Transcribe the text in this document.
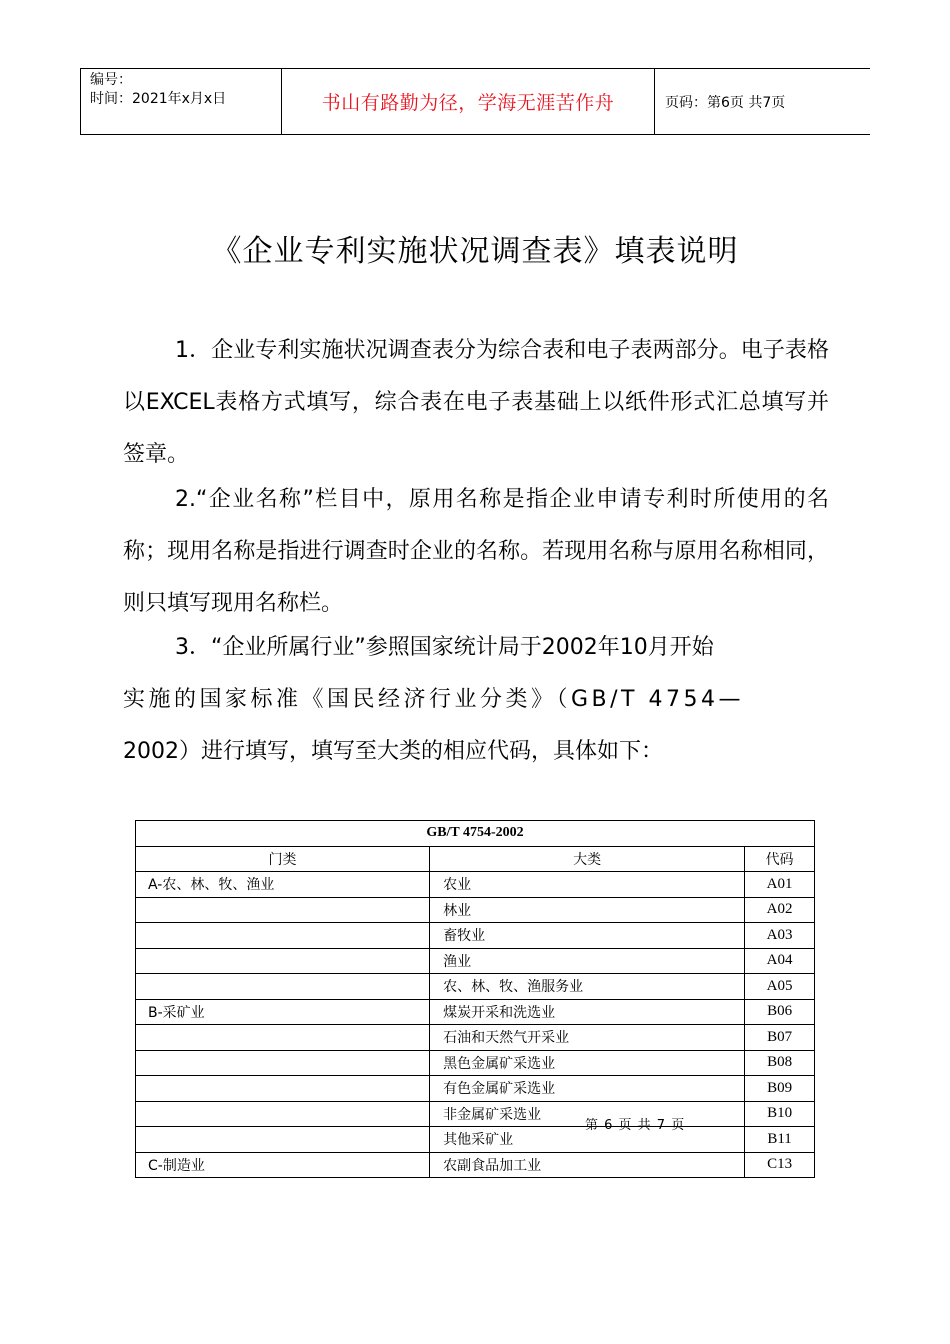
编号：
时间：2021年x月x日	书山有路勤为径，学海无涯苦作舟	页码：第6页 共7页
《企业专利实施状况调查表》填表说明
1．企业专利实施状况调查表分为综合表和电子表两部分。电子表格以EXCEL表格方式填写，综合表在电子表基础上以纸件形式汇总填写并签章。
2.“企业名称”栏目中，原用名称是指企业申请专利时所使用的名称；现用名称是指进行调查时企业的名称。若现用名称与原用名称相同，则只填写现用名称栏。
3．“企业所属行业”参照国家统计局于2002年10月开始
实施的国家标准《国民经济行业分类》（GB/T 4754—
2002）进行填写，填写至大类的相应代码，具体如下：
GB/T 4754-2002		
门类	大类	代码
A-农、林、牧、渔业	农业	A01
	林业	A02
	畜牧业	A03
	渔业	A04
	农、林、牧、渔服务业	A05
B-采矿业	煤炭开采和洗选业	B06
	石油和天然气开采业	B07
	黑色金属矿采选业	B08
	有色金属矿采选业	B09
	非金属矿采选业	B10
	其他采矿业	B11
C-制造业	农副食品加工业	C13
第 6 页 共 7 页
